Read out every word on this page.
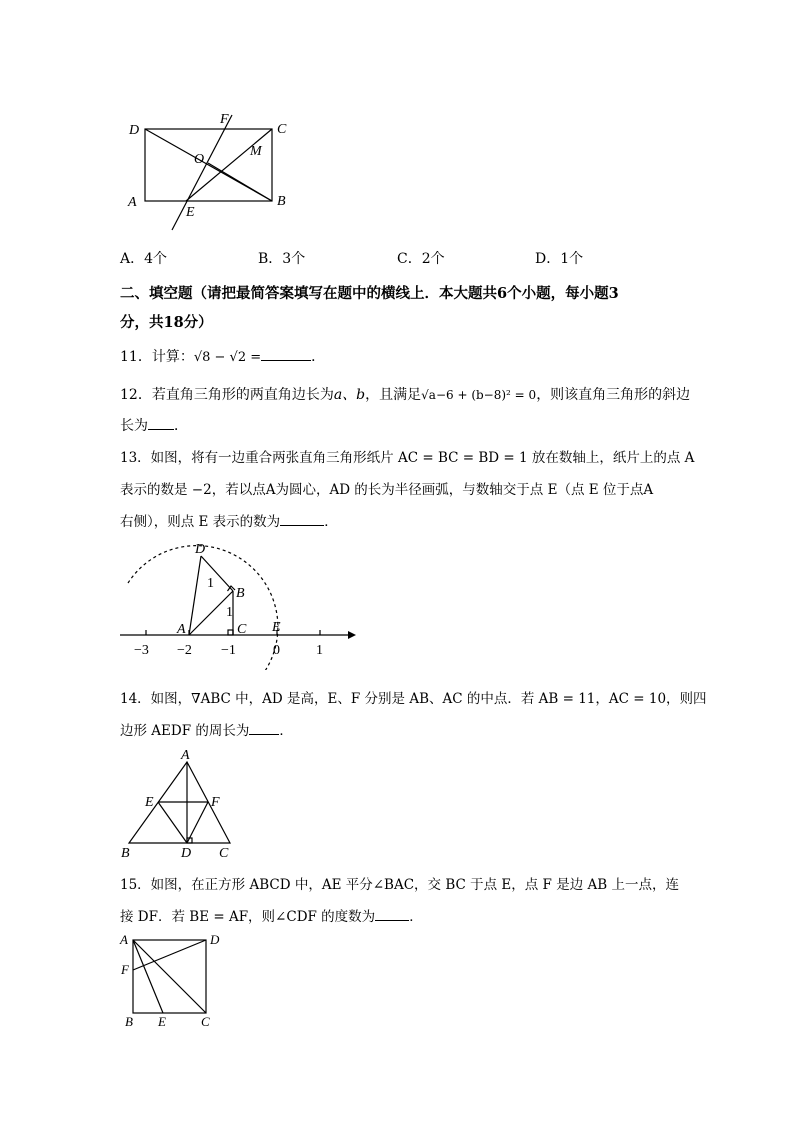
D
F
C
O
M
A
E
B
A．4个	B．3个	C．2个	D．1个
二、填空题（请把最简答案填写在题中的横线上．本大题共6个小题，每小题3
分，共18分）
11．计算：√8 − √2 =	．
12．若直角三角形的两直角边长为a、b，且满足√a−6 + (b−8)² = 0，则该直角三角形的斜边
长为 ．
13．如图，将有一边重合两张直角三角形纸片 AC = BC = BD = 1 放在数轴上，纸片上的点 A
表示的数是 −2，若以点A为圆心，AD 的长为半径画弧，与数轴交于点 E（点 E 位于点A
右侧），则点 E 表示的数为	．
D
1
B
1
A	C E
−3 −2 −1	0	1
14．如图，∇ABC 中，AD 是高，E、F 分别是 AB、AC 的中点．若 AB = 11，AC = 10，则四
边形 AEDF 的周长为 ．
A
E	F
B	D C
15．如图，在正方形 ABCD 中，AE 平分∠BAC，交 BC 于点 E，点 F 是边 AB 上一点，连
接 DF．若 BE = AF，则∠CDF 的度数为	．
A	D
F
B E	C
